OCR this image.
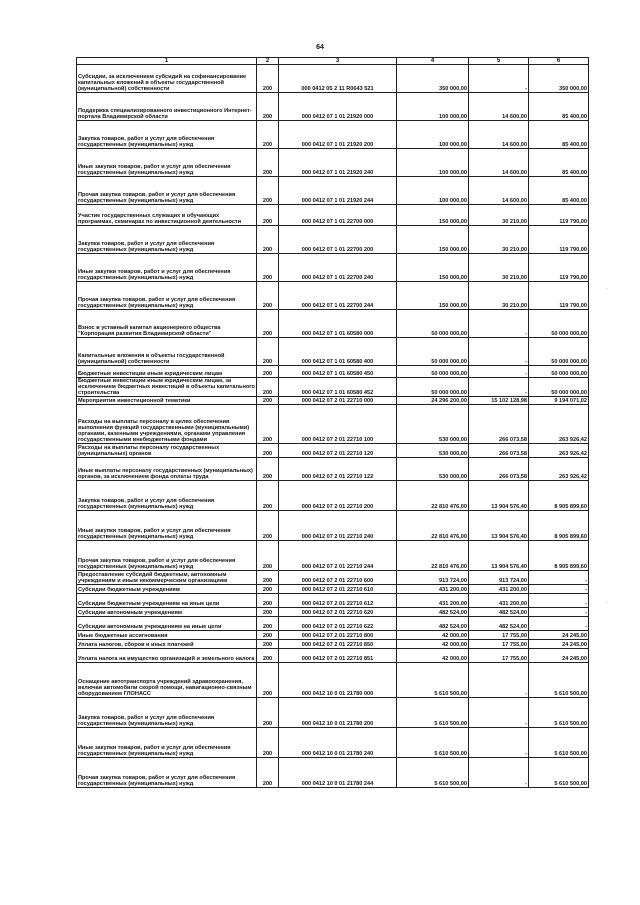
64
1	2	3	4	5	6
Субсидии, за исключением субсидий на софинансирование капитальных вложений в объекты государственной (муниципальной) собственности	200	000 0412 05 2 11 R0643 521	350 000,00	-	350 000,00
Поддержка специализированного инвестиционного Интернет-портала Владимирской области	200	000 0412 07 1 01 21920 000	100 000,00	14 600,00	85 400,00
Закупка товаров, работ и услуг для обеспечения государственных (муниципальных) нужд	200	000 0412 07 1 01 21920 200	100 000,00	14 600,00	85 400,00
Иные закупки товаров, работ и услуг для обеспечения государственных (муниципальных) нужд	200	000 0412 07 1 01 21920 240	100 000,00	14 600,00	85 400,00
Прочая закупка товаров, работ и услуг для обеспечения государственных (муниципальных) нужд	200	000 0412 07 1 01 21920 244	100 000,00	14 600,00	85 400,00
Участие государственных служащих в обучающих программах, семинарах по инвестиционной деятельности	200	000 0412 07 1 01 22700 000	150 000,00	30 210,00	119 790,00
Закупка товаров, работ и услуг для обеспечения государственных (муниципальных) нужд	200	000 0412 07 1 01 22700 200	150 000,00	30 210,00	119 790,00
Иные закупки товаров, работ и услуг для обеспечения государственных (муниципальных) нужд	200	000 0412 07 1 01 22700 240	150 000,00	30 210,00	119 790,00
Прочая закупка товаров, работ и услуг для обеспечения государственных (муниципальных) нужд	200	000 0412 07 1 01 22700 244	150 000,00	30 210,00	119 790,00
Взнос в уставный капитал акционерного общества "Корпорация развития Владимирской области"	200	000 0412 07 1 01 60580 000	50 000 000,00	-	50 000 000,00
Капитальные вложения в объекты государственной (муниципальной) собственности	200	000 0412 07 1 01 60580 400	50 000 000,00	-	50 000 000,00
Бюджетные инвестиции иным юридическим лицам	200	000 0412 07 1 01 60580 450	50 000 000,00	-	50 000 000,00
Бюджетные инвестиции иным юридическим лицам, за исключением бюджетных инвестиций в объекты капитального строительства	200	000 0412 07 1 01 60580 452	50 000 000,00	-	50 000 000,00
Мероприятия инвестиционной тематики	200	000 0412 07 2 01 22710 000	24 296 200,00	15 102 128,98	9 194 071,02
Расходы на выплаты персоналу в целях обеспечения выполнения функций государственными (муниципальными) органами, казенными учреждениями, органами управления государственными внебюджетными фондами	200	000 0412 07 2 01 22710 100	530 000,00	266 073,58	263 926,42
Расходы на выплаты персоналу государственных (муниципальных) органов	200	000 0412 07 2 01 22710 120	530 000,00	266 073,58	263 926,42
Иные выплаты персоналу государственных (муниципальных) органов, за исключением фонда оплаты труда	200	000 0412 07 2 01 22710 122	530 000,00	266 073,58	263 926,42
Закупка товаров, работ и услуг для обеспечения государственных (муниципальных) нужд	200	000 0412 07 2 01 22710 200	22 810 476,00	13 904 576,40	8 905 899,60
Иные закупки товаров, работ и услуг для обеспечения государственных (муниципальных) нужд	200	000 0412 07 2 01 22710 240	22 810 476,00	13 904 576,40	8 905 899,60
Прочая закупка товаров, работ и услуг для обеспечения государственных (муниципальных) нужд	200	000 0412 07 2 01 22710 244	22 810 476,00	13 904 576,40	8 905 899,60
Предоставление субсидий бюджетным, автономным учреждениям и иным некоммерческим организациям	200	000 0412 07 2 01 22710 600	913 724,00	913 724,00	-
Субсидии бюджетным учреждениям	200	000 0412 07 2 01 22710 610	431 200,00	431 200,00	-
Субсидии бюджетным учреждениям на иные цели	200	000 0412 07 2 01 22710 612	431 200,00	431 200,00	-
Субсидии автономным учреждениям	200	000 0412 07 2 01 22710 620	482 524,00	482 524,00	-
Субсидии автономным учреждениям на иные цели	200	000 0412 07 2 01 22710 622	482 524,00	482 524,00	-
Иные бюджетные ассигнования	200	000 0412 07 2 01 22710 800	42 000,00	17 755,00	24 245,00
Уплата налогов, сборов и иных платежей	200	000 0412 07 2 01 22710 850	42 000,00	17 755,00	24 245,00
Уплата налога на имущество организаций и земельного налога	200	000 0412 07 2 01 22710 851	42 000,00	17 755,00	24 245,00
Оснащение автотранспорта учреждений здравоохранения, включая автомобили скорой помощи, навигационно-связным оборудованием ГЛОНАСС	200	000 0412 10 0 01 21780 000	5 610 500,00	-	5 610 500,00
Закупка товаров, работ и услуг для обеспечения государственных (муниципальных) нужд	200	000 0412 10 0 01 21780 200	5 610 500,00	-	5 610 500,00
Иные закупки товаров, работ и услуг для обеспечения государственных (муниципальных) нужд	200	000 0412 10 0 01 21780 240	5 610 500,00	-	5 610 500,00
Прочая закупка товаров, работ и услуг для обеспечения государственных (муниципальных) нужд	200	000 0412 10 0 01 21780 244	5 610 500,00	-	5 610 500,00
·
·
